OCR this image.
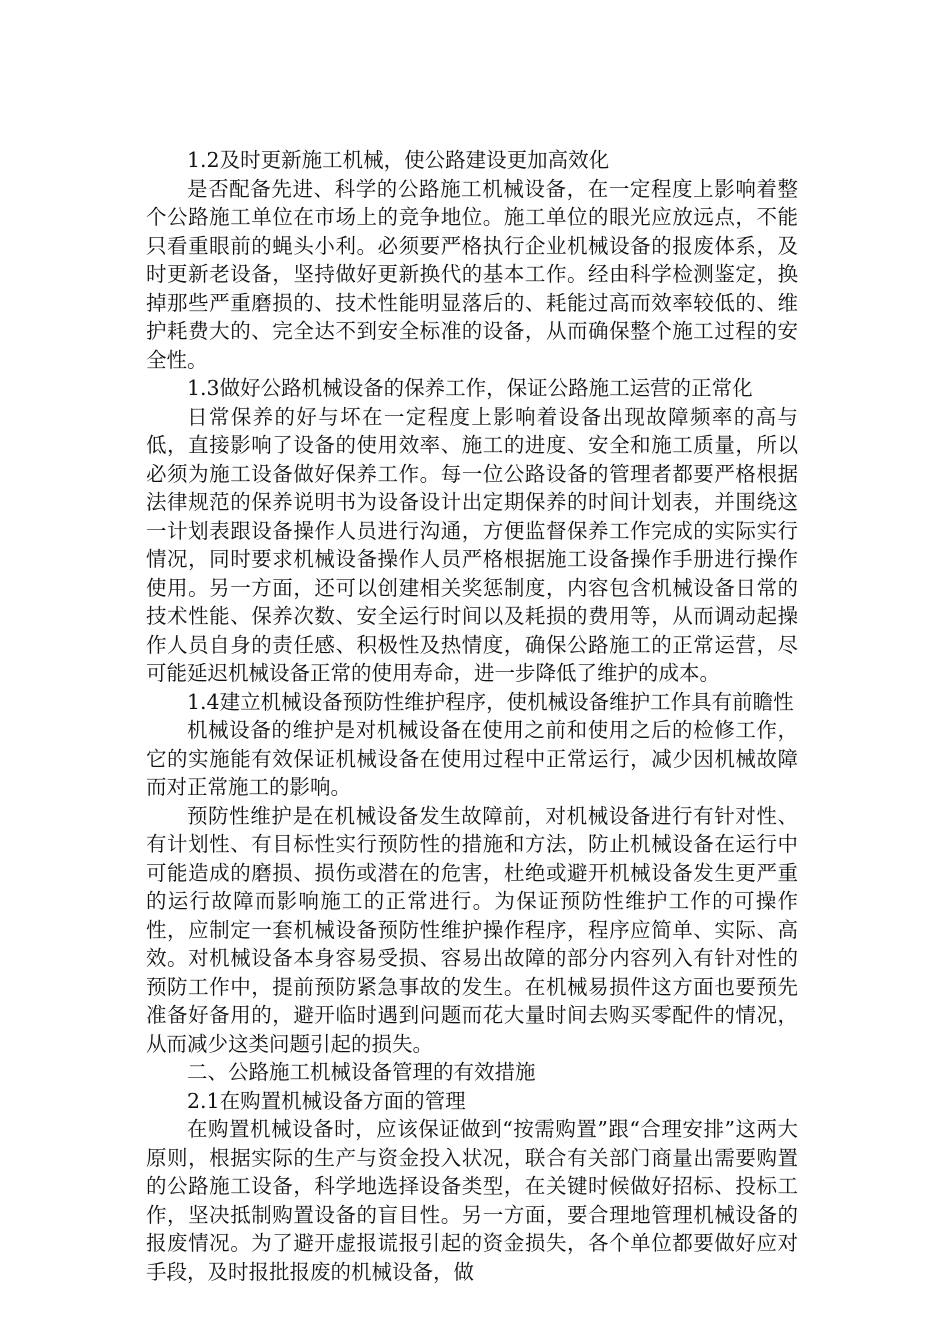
1.2及时更新施工机械，使公路建设更加高效化

是否配备先进、科学的公路施工机械设备，在一定程度上影响着整个公路施工单位在市场上的竞争地位。施工单位的眼光应放远点，不能只看重眼前的蝇头小利。必须要严格执行企业机械设备的报废体系，及时更新老设备，坚持做好更新换代的基本工作。经由科学检测鉴定，换掉那些严重磨损的、技术性能明显落后的、耗能过高而效率较低的、维护耗费大的、完全达不到安全标准的设备，从而确保整个施工过程的安全性。

1.3做好公路机械设备的保养工作，保证公路施工运营的正常化

日常保养的好与坏在一定程度上影响着设备出现故障频率的高与低，直接影响了设备的使用效率、施工的进度、安全和施工质量，所以必须为施工设备做好保养工作。每一位公路设备的管理者都要严格根据法律规范的保养说明书为设备设计出定期保养的时间计划表，并围绕这一计划表跟设备操作人员进行沟通，方便监督保养工作完成的实际实行情况，同时要求机械设备操作人员严格根据施工设备操作手册进行操作使用。另一方面，还可以创建相关奖惩制度，内容包含机械设备日常的技术性能、保养次数、安全运行时间以及耗损的费用等，从而调动起操作人员自身的责任感、积极性及热情度，确保公路施工的正常运营，尽可能延迟机械设备正常的使用寿命，进一步降低了维护的成本。

1.4建立机械设备预防性维护程序，使机械设备维护工作具有前瞻性

机械设备的维护是对机械设备在使用之前和使用之后的检修工作，它的实施能有效保证机械设备在使用过程中正常运行，减少因机械故障而对正常施工的影响。

预防性维护是在机械设备发生故障前，对机械设备进行有针对性、有计划性、有目标性实行预防性的措施和方法，防止机械设备在运行中可能造成的磨损、损伤或潜在的危害，杜绝或避开机械设备发生更严重的运行故障而影响施工的正常进行。为保证预防性维护工作的可操作性，应制定一套机械设备预防性维护操作程序，程序应简单、实际、高效。对机械设备本身容易受损、容易出故障的部分内容列入有针对性的预防工作中，提前预防紧急事故的发生。在机械易损件这方面也要预先准备好备用的，避开临时遇到问题而花大量时间去购买零配件的情况，从而减少这类问题引起的损失。

二、公路施工机械设备管理的有效措施

2.1在购置机械设备方面的管理

在购置机械设备时，应该保证做到“按需购置”跟“合理安排”这两大原则，根据实际的生产与资金投入状况，联合有关部门商量出需要购置的公路施工设备，科学地选择设备类型，在关键时候做好招标、投标工作，坚决抵制购置设备的盲目性。另一方面，要合理地管理机械设备的报废情况。为了避开虚报谎报引起的资金损失，各个单位都要做好应对手段，及时报批报废的机械设备，做
